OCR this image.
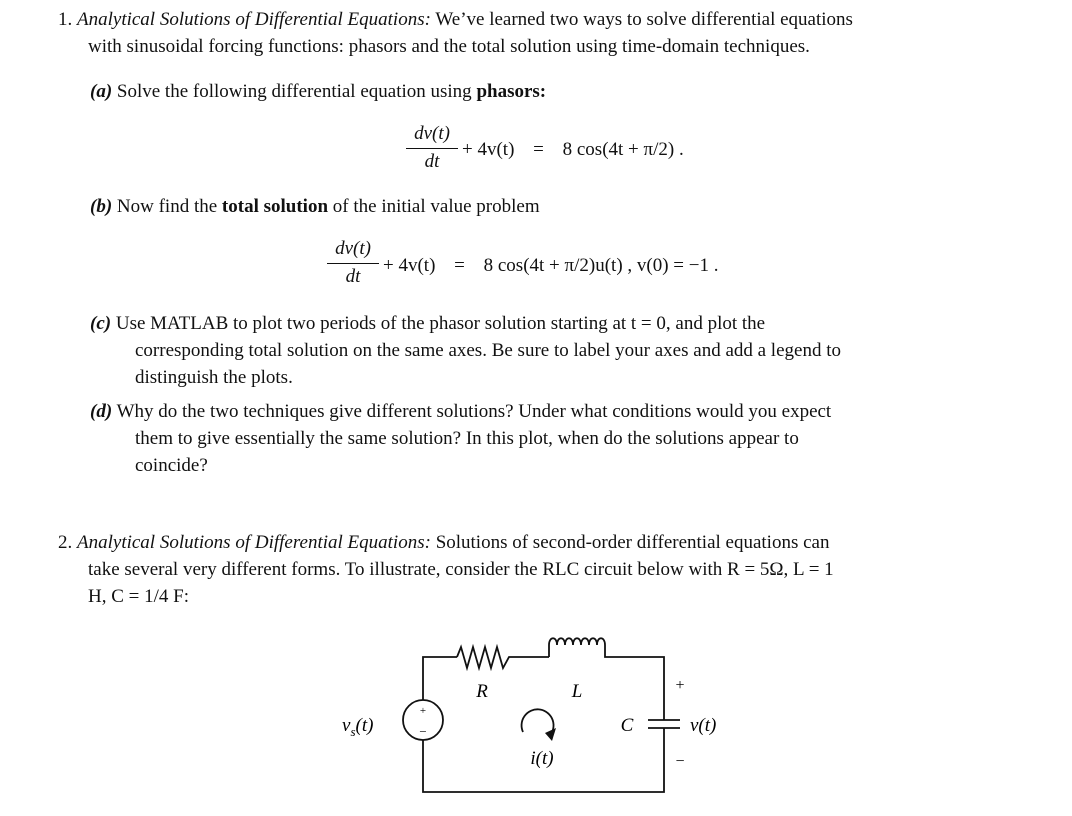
1. Analytical Solutions of Differential Equations: We’ve learned two ways to solve differential equations
with sinusoidal forcing functions: phasors and the total solution using time-domain techniques.
(a) Solve the following differential equation using phasors:
dv(t)
dt
+ 4v(t) = 8 cos(4t + π/2) .
(b) Now find the total solution of the initial value problem
dv(t)
dt
+ 4v(t) = 8 cos(4t + π/2)u(t) , v(0) = −1 .
(c) Use MATLAB to plot two periods of the phasor solution starting at t = 0, and plot the
corresponding total solution on the same axes. Be sure to label your axes and add a legend to
distinguish the plots.
(d) Why do the two techniques give different solutions? Under what conditions would you expect
them to give essentially the same solution? In this plot, when do the solutions appear to
coincide?
2. Analytical Solutions of Differential Equations: Solutions of second-order differential equations can
take several very different forms. To illustrate, consider the RLC circuit below with R = 5Ω, L = 1
H, C = 1/4 F:
+
−
R	L
C
$v_s(t)$
i(t)
v(t)
+
−
